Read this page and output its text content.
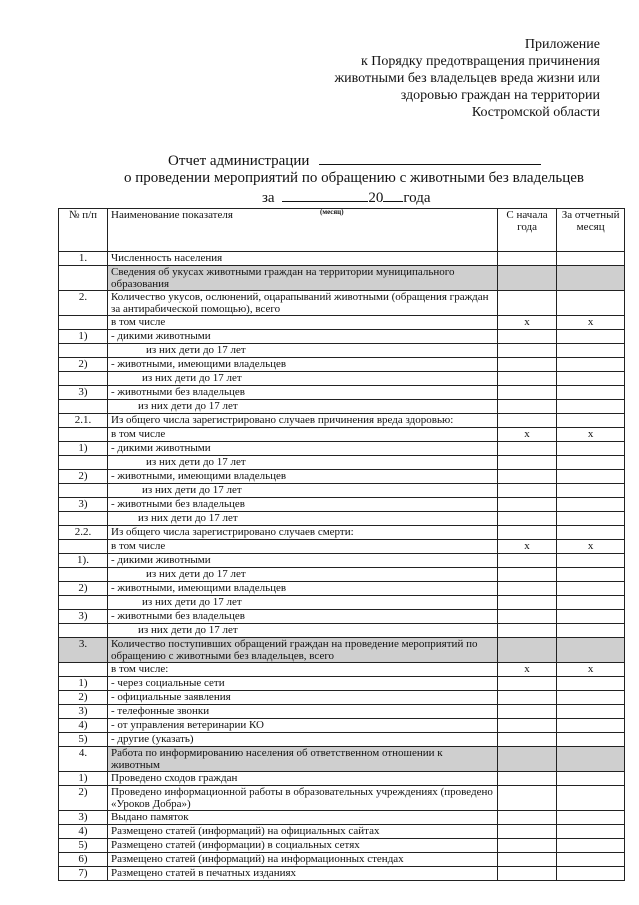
Приложение
к Порядку предотвращения причинения
животными без владельцев вреда жизни или
здоровью граждан на территории
Костромской области
Отчет администрации
о проведении мероприятий по обращению с животными без владельцев
за	20 года
(месяц)
№ п/п	Наименование показателя	С начала года	За отчетный месяц
1.	Численность населения		
	Сведения об укусах животными граждан на территории муниципального образования		
2.	Количество укусов, ослюнений, оцарапываний животными (обращения граждан за антирабической помощью), всего		
	в том числе	x	x
1)	- дикими животными		
	из них дети до 17 лет		
2)	- животными, имеющими владельцев		
	из них дети до 17 лет		
3)	- животными без владельцев		
	из них дети до 17 лет		
2.1.	Из общего числа зарегистрировано случаев причинения вреда здоровью:		
	в том числе	x	x
1)	- дикими животными		
	из них дети до 17 лет		
2)	- животными, имеющими владельцев		
	из них дети до 17 лет		
3)	- животными без владельцев		
	из них дети до 17 лет		
2.2.	Из общего числа зарегистрировано случаев смерти:		
	в том числе	x	x
1).	- дикими животными		
	из них дети до 17 лет		
2)	- животными, имеющими владельцев		
	из них дети до 17 лет		
3)	- животными без владельцев		
	из них дети до 17 лет		
3.	Количество поступивших обращений граждан на проведение мероприятий по обращению с животными без владельцев, всего		
	в том числе:	x	x
1)	- через социальные сети		
2)	- официальные заявления		
3)	- телефонные звонки		
4)	- от управления ветеринарии КО		
5)	- другие (указать)		
4.	Работа по информированию населения об ответственном отношении к животным		
1)	Проведено сходов граждан		
2)	Проведено информационной работы в образовательных учреждениях (проведено «Уроков Добра»)		
3)	Выдано памяток		
4)	Размещено статей (информаций) на официальных сайтах		
5)	Размещено статей (информации) в социальных сетях		
6)	Размещено статей (информаций) на информационных стендах		
7)	Размещено статей в печатных изданиях		
